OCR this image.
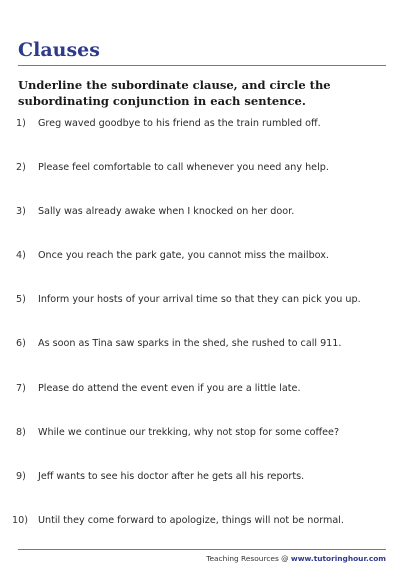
Clauses
Underline the subordinate clause, and circle the subordinating conjunction in each sentence.
1)	Greg waved goodbye to his friend as the train rumbled off.
2)	Please feel comfortable to call whenever you need any help.
3)	Sally was already awake when I knocked on her door.
4)	Once you reach the park gate, you cannot miss the mailbox.
5)	Inform your hosts of your arrival time so that they can pick you up.
6)	As soon as Tina saw sparks in the shed, she rushed to call 911.
7)	Please do attend the event even if you are a little late.
8)	While we continue our trekking, why not stop for some coffee?
9)	Jeff wants to see his doctor after he gets all his reports.
10)	Until they come forward to apologize, things will not be normal.
Teaching Resources @ www.tutoringhour.com
